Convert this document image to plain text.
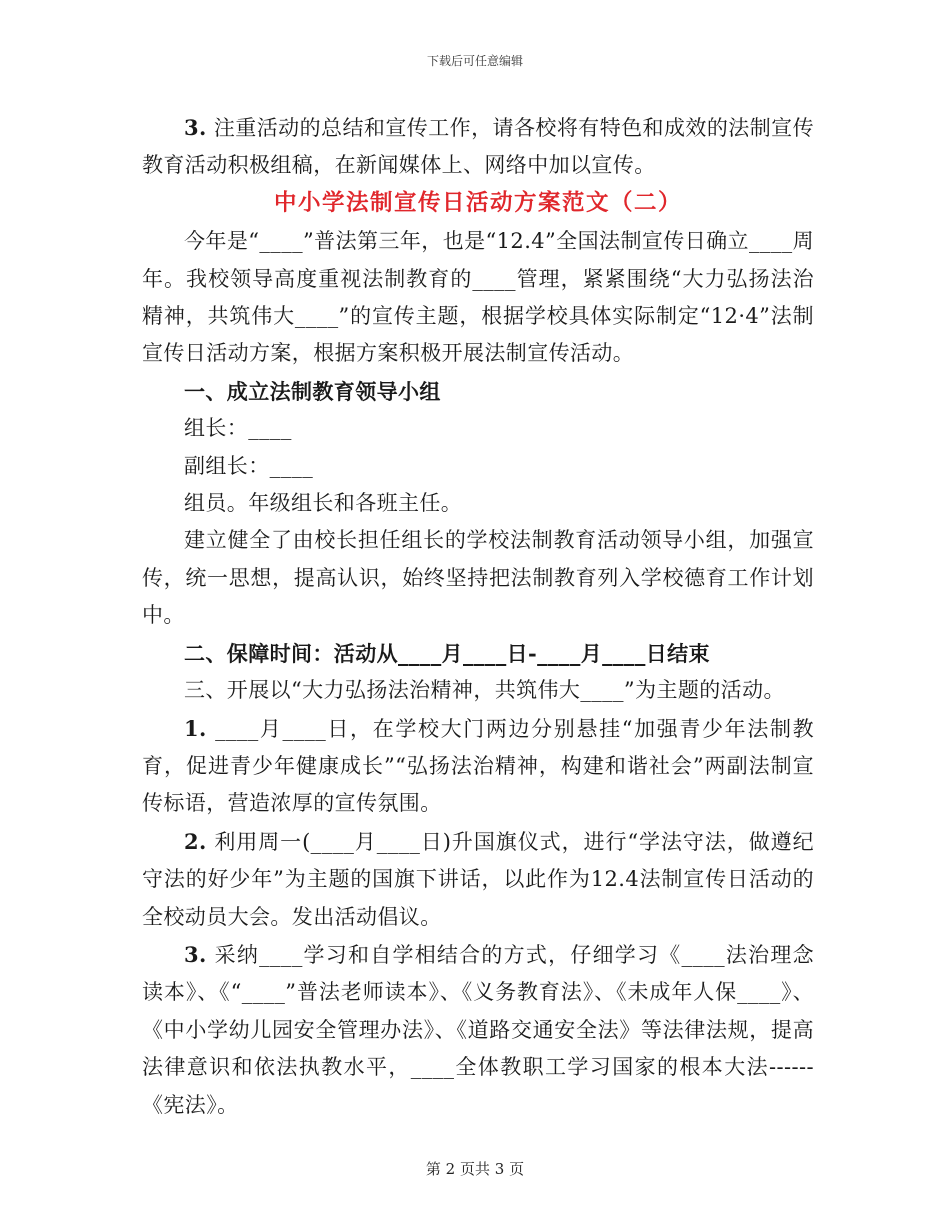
下载后可任意编辑

3. 注重活动的总结和宣传工作，请各校将有特色和成效的法制宣传教育活动积极组稿，在新闻媒体上、网络中加以宣传。

中小学法制宣传日活动方案范文（二）

今年是“____”普法第三年，也是“12.4”全国法制宣传日确立____周年。我校领导高度重视法制教育的____管理，紧紧围绕“大力弘扬法治精神，共筑伟大____”的宣传主题，根据学校具体实际制定“12·4”法制宣传日活动方案，根据方案积极开展法制宣传活动。

一、成立法制教育领导小组

组长：____

副组长：____

组员。年级组长和各班主任。

建立健全了由校长担任组长的学校法制教育活动领导小组，加强宣传，统一思想，提高认识，始终坚持把法制教育列入学校德育工作计划中。

二、保障时间：活动从____月____日-____月____日结束

三、开展以“大力弘扬法治精神，共筑伟大____”为主题的活动。

1. ____月____日，在学校大门两边分别悬挂“加强青少年法制教育，促进青少年健康成长”“弘扬法治精神，构建和谐社会”两副法制宣传标语，营造浓厚的宣传氛围。

2. 利用周一(____月____日)升国旗仪式，进行“学法守法，做遵纪守法的好少年”为主题的国旗下讲话，以此作为12.4法制宣传日活动的全校动员大会。发出活动倡议。

3. 采纳____学习和自学相结合的方式，仔细学习《____法治理念读本》、《“____”普法老师读本》、《义务教育法》、《未成年人保____》、《中小学幼儿园安全管理办法》、《道路交通安全法》等法律法规，提高法律意识和依法执教水平，____全体教职工学习国家的根本大法------《宪法》。

第 2 页共 3 页
